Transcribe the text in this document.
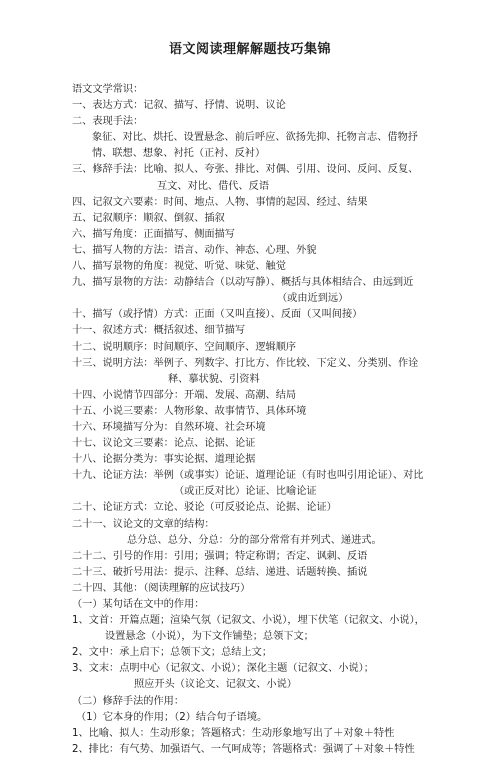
语文阅读理解解题技巧集锦
语文文学常识：
一、表达方式：记叙、描写、抒情、说明、议论
二、表现手法：
象征、对比、烘托、设置悬念、前后呼应、欲扬先抑、托物言志、借物抒
情、联想、想象、衬托（正衬、反衬）
三、修辞手法：比喻、拟人、夸张、排比、对偶、引用、设问、反问、反复、
互文、对比、借代、反语
四、记叙文六要素：时间、地点、人物、事情的起因、经过、结果
五、记叙顺序：顺叙、倒叙、插叙
六、描写角度：正面描写、侧面描写
七、描写人物的方法：语言、动作、神态、心理、外貌
八、描写景物的角度：视觉、听觉、味觉、触觉
九、描写景物的方法：动静结合（以动写静）、概括与具体相结合、由远到近
（或由近到远）
十、描写（或抒情）方式：正面（又叫直接）、反面（又叫间接）
十一、叙述方式：概括叙述、细节描写
十二、说明顺序：时间顺序、空间顺序、逻辑顺序
十三、说明方法：举例子、列数字、打比方、作比较、下定义、分类别、作诠
释、摹状貌、引资料
十四、小说情节四部分：开端、发展、高潮、结局
十五、小说三要素：人物形象、故事情节、具体环境
十六、环境描写分为：自然环境、社会环境
十七、议论文三要素：论点、论据、论证
十八、论据分类为：事实论据、道理论据
十九、论证方法：举例（或事实）论证、道理论证（有时也叫引用论证）、对比
（或正反对比）论证、比喻论证
二十、论证方式：立论、驳论（可反驳论点、论据、论证）
二十一、议论文的文章的结构：
总分总、总分、分总：分的部分常常有并列式、递进式。
二十二、引号的作用：引用；强调；特定称谓；否定、讽刺、反语
二十三、破折号用法：提示、注释、总结、递进、话题转换、插说
二十四、其他：（阅读理解的应试技巧）
（一）某句话在文中的作用：
1、文首：开篇点题；渲染气氛（记叙文、小说），埋下伏笔（记叙文、小说），
设置悬念（小说），为下文作铺垫；总领下文；
2、文中：承上启下；总领下文；总结上文；
3、文末：点明中心（记叙文、小说）；深化主题（记叙文、小说）；
照应开头（议论文、记叙文、小说）
（二）修辞手法的作用：
（1）它本身的作用；（2）结合句子语境。
1、比喻、拟人：生动形象；答题格式：生动形象地写出了＋对象＋特性
2、排比：有气势、加强语气、一气呵成等；答题格式：强调了＋对象＋特性
